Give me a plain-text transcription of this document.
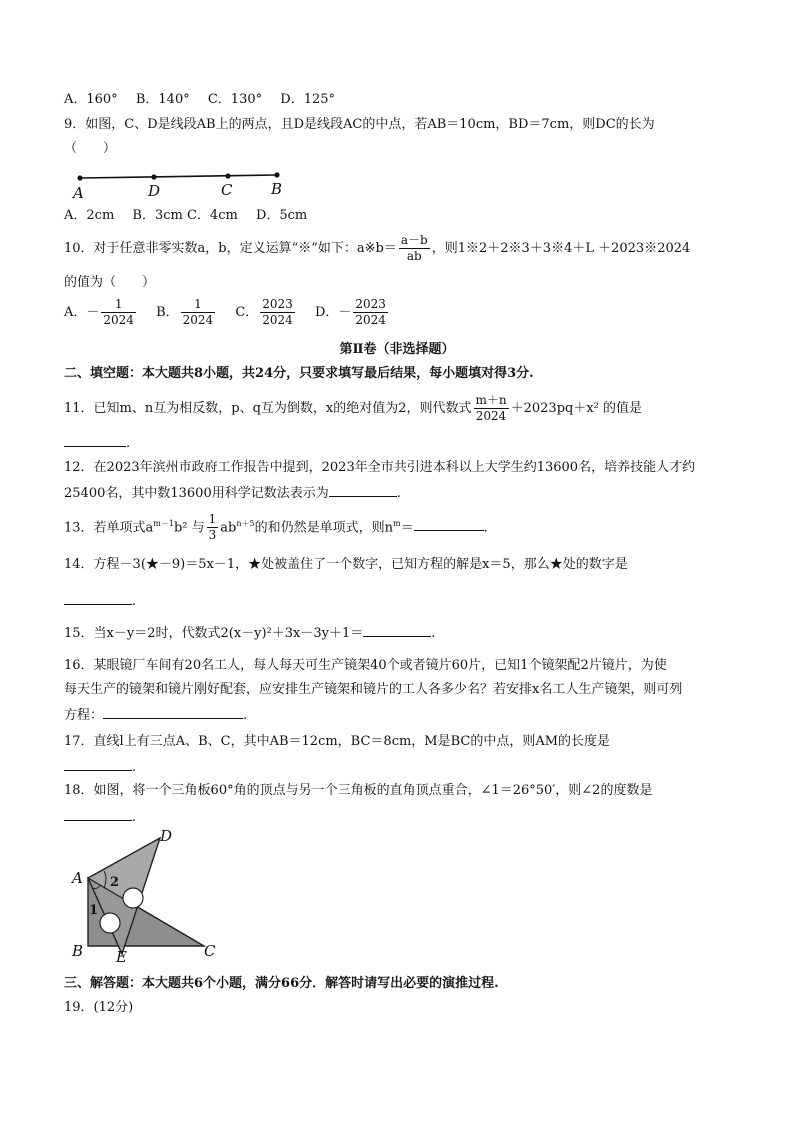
A．160° B．140° C．130° D．125°
9．如图，C、D是线段AB上的两点，且D是线段AC的中点，若AB＝10cm，BD＝7cm，则DC的长为
（　　）
A	D	C	B
A．2cm B．3cm C．4cm D．5cm
10．对于任意非零实数a，b，定义运算“※”如下：a※b＝ $\frac{a-b}{ab}$ ，则1※2＋2※3＋3※4＋L ＋2023※2024
的值为（　　）
A．－ $\frac{1}{2024}$ B． $\frac{1}{2024}$ C． $\frac{2023}{2024}$ D．－ $\frac{2023}{2024}$
第Ⅱ卷（非选择题）
二、填空题：本大题共8小题，共24分，只要求填写最后结果，每小题填对得3分.
11．已知m、n互为相反数，p、q互为倒数，x的绝对值为2，则代数式 $\frac{m+n}{2024} +2023pq+x^2$ 的值是
.
12．在2023年滨州市政府工作报告中提到，2023年全市共引进本科以上大学生约13600名，培养技能人才约
25400名，其中数13600用科学记数法表示为	.
13．若单项式$a^{m-1}b^2$ 与 $\frac{1}{3} ab^{n+5}$的和仍然是单项式，则$n^m=$	.
14．方程－3(★－9)＝5x－1，★处被盖住了一个数字，已知方程的解是x＝5，那么★处的数字是
.
15．当x－y＝2时，代数式2(x－y)²＋3x－3y＋1＝	.
16．某眼镜厂车间有20名工人，每人每天可生产镜架40个或者镜片60片，已知1个镜架配2片镜片，为使
每天生产的镜架和镜片刚好配套，应安排生产镜架和镜片的工人各多少名？若安排x名工人生产镜架，则可列
方程：	.
17．直线l上有三点A、B、C，其中AB＝12cm，BC＝8cm，M是BC的中点，则AM的长度是
.
18．如图，将一个三角板60°角的顶点与另一个三角板的直角顶点重合，∠1＝26°50′，则∠2的度数是
.
D
A 2
1
B E	C
三、解答题：本大题共6个小题，满分66分．解答时请写出必要的演推过程.
19．(12分)
